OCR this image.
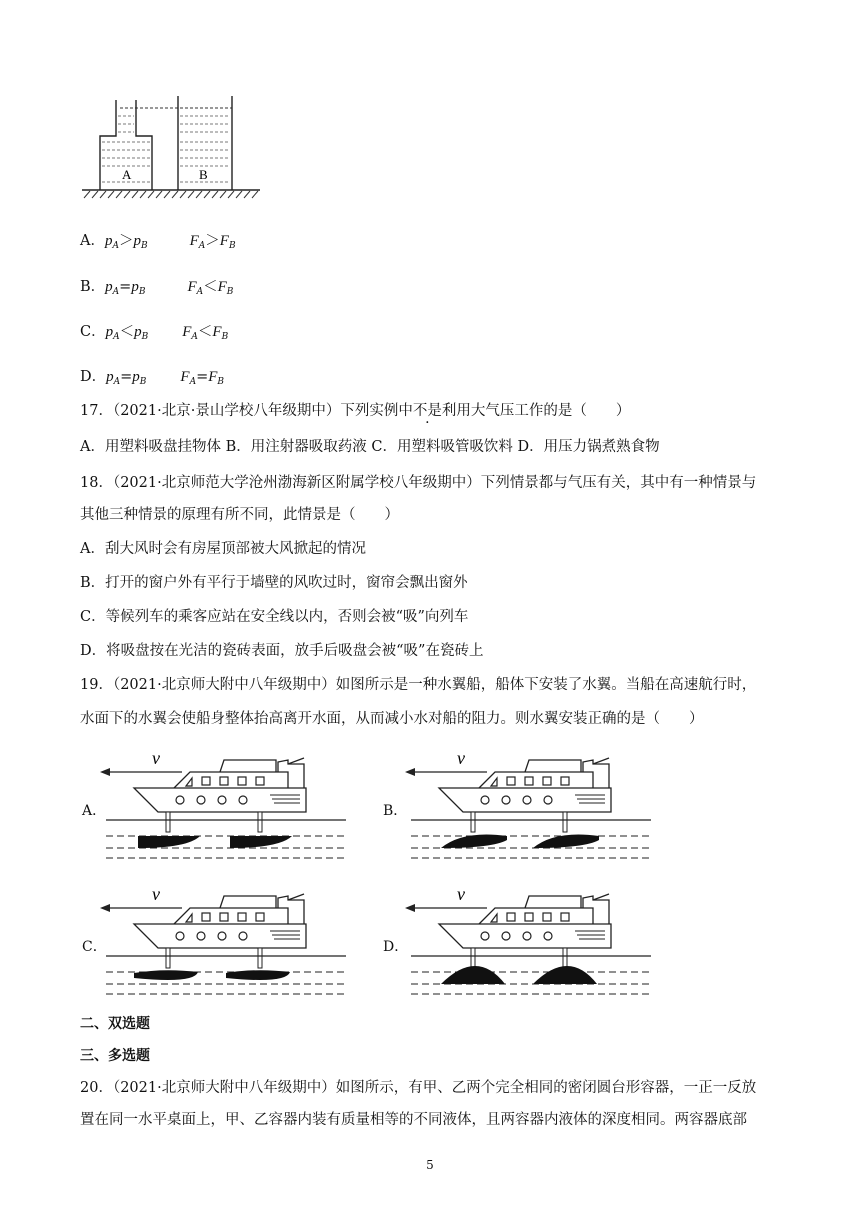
A	B
A．$p_A>p_B$	$F_A>F_B$
B．$p_A=p_B$	$F_A<F_B$
C．$p_A<p_B$ $F_A<F_B$
D．$p_A=p_B$ $F_A=F_B$
17．（2021·北京·景山学校八年级期中）下列实例中不是利用大气压工作的是（　　）
A．用塑料吸盘挂物体 B．用注射器吸取药液 C．用塑料吸管吸饮料 D．用压力锅煮熟食物
18．（2021·北京师范大学沧州渤海新区附属学校八年级期中）下列情景都与气压有关，其中有一种情景与
其他三种情景的原理有所不同，此情景是（　　）
A．刮大风时会有房屋顶部被大风掀起的情况
B．打开的窗户外有平行于墙壁的风吹过时，窗帘会飘出窗外
C．等候列车的乘客应站在安全线以内，否则会被“吸”向列车
D．将吸盘按在光洁的瓷砖表面，放手后吸盘会被“吸”在瓷砖上
19．（2021·北京师大附中八年级期中）如图所示是一种水翼船，船体下安装了水翼。当船在高速航行时，
水面下的水翼会使船身整体抬高离开水面，从而减小水对船的阻力。则水翼安装正确的是（　　）
A．
v
B．
v
C．
v
D．
v
二、双选题
三、多选题
20．（2021·北京师大附中八年级期中）如图所示，有甲、乙两个完全相同的密闭圆台形容器，一正一反放
置在同一水平桌面上，甲、乙容器内装有质量相等的不同液体，且两容器内液体的深度相同。两容器底部
5
